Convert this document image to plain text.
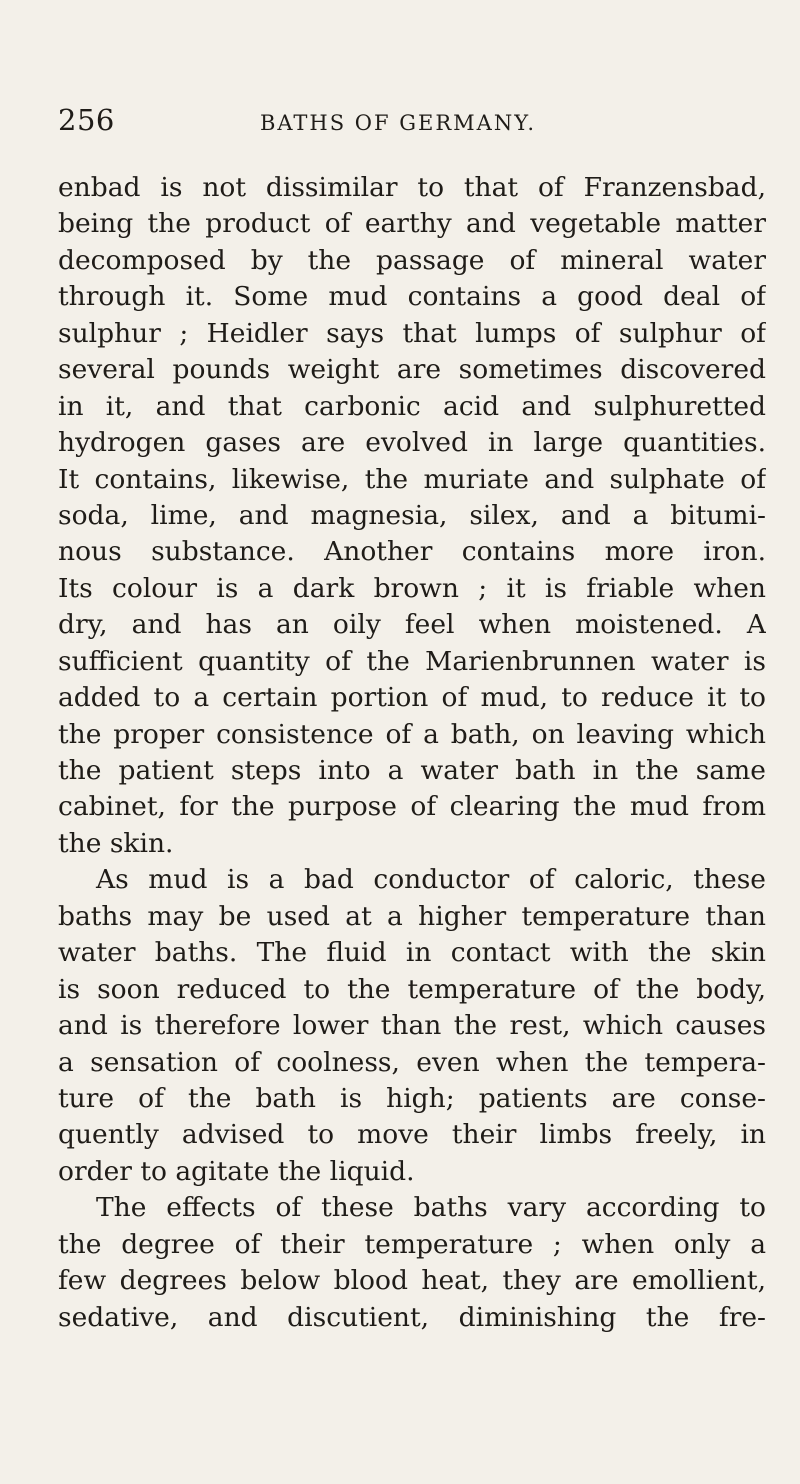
256	BATHS OF GERMANY.
enbad is not dissimilar to that of Franzensbad,
being the product of earthy and vegetable matter
decomposed by the passage of mineral water
through it. Some mud contains a good deal of
sulphur ; Heidler says that lumps of sulphur of
several pounds weight are sometimes discovered
in it, and that carbonic acid and sulphuretted
hydrogen gases are evolved in large quantities.
It contains, likewise, the muriate and sulphate of
soda, lime, and magnesia, silex, and a bitumi-
nous substance. Another contains more iron.
Its colour is a dark brown ; it is friable when
dry, and has an oily feel when moistened. A
sufficient quantity of the Marienbrunnen water is
added to a certain portion of mud, to reduce it to
the proper consistence of a bath, on leaving which
the patient steps into a water bath in the same
cabinet, for the purpose of clearing the mud from
the skin.
As mud is a bad conductor of caloric, these
baths may be used at a higher temperature than
water baths. The fluid in contact with the skin
is soon reduced to the temperature of the body,
and is therefore lower than the rest, which causes
a sensation of coolness, even when the tempera-
ture of the bath is high; patients are conse-
quently advised to move their limbs freely, in
order to agitate the liquid.
The effects of these baths vary according to
the degree of their temperature ; when only a
few degrees below blood heat, they are emollient,
sedative, and discutient, diminishing the fre-
